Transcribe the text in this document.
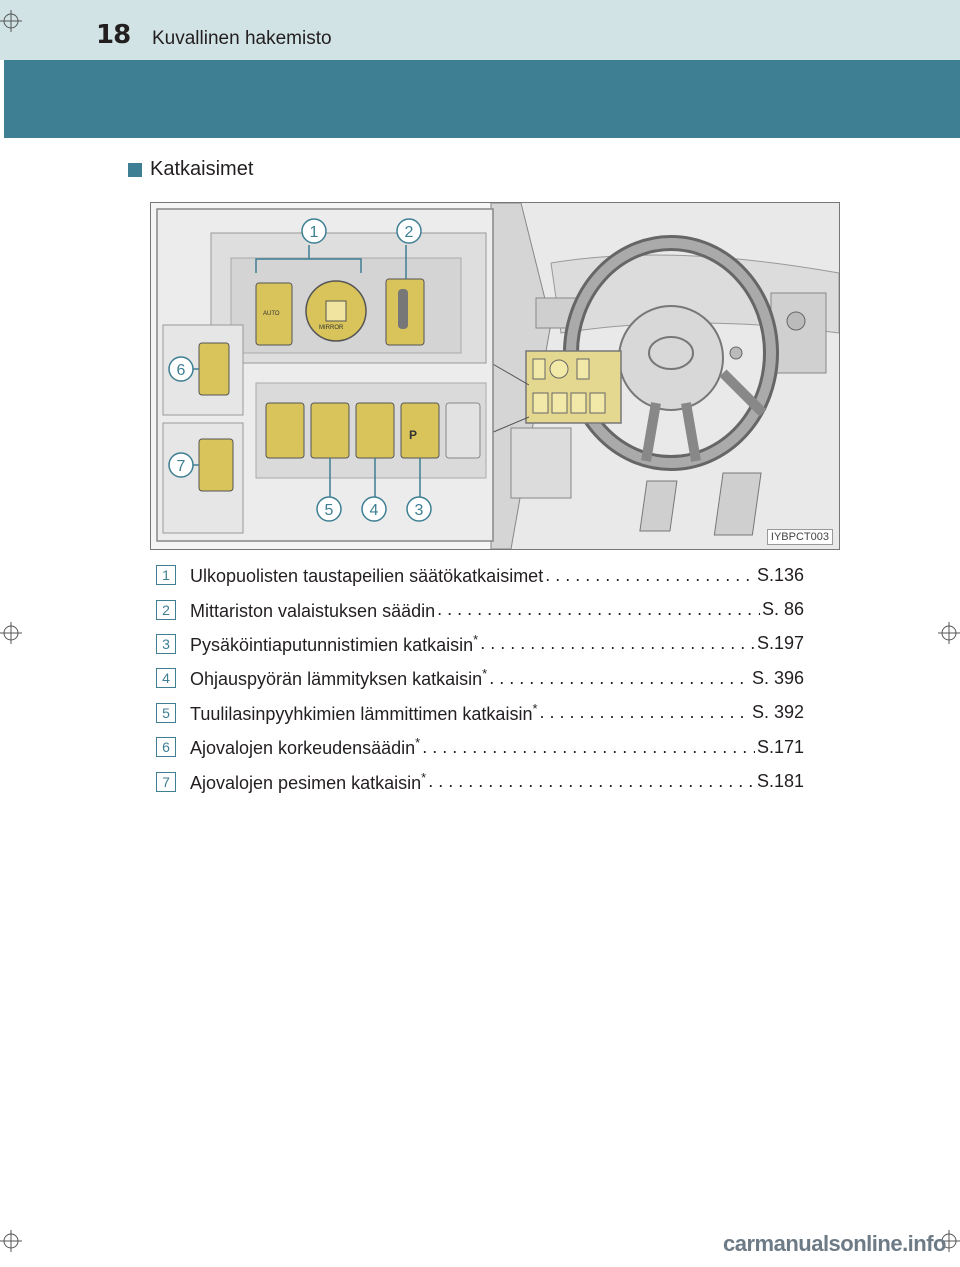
18 Kuvallinen hakemisto
Katkaisimet
AUTO
MIRROR
P
1	2
3
4
5
6
7
IYBPCT003
1	Ulkopuolisten taustapeilien säätökatkaisimet . . .	S.136
2	Mittariston valaistuksen säädin . . .	S. 86
3	Pysäköintiaputunnistimien katkaisin* . . .	S.197
4	Ohjauspyörän lämmityksen katkaisin* . . .	S. 396
5	Tuulilasinpyyhkimien lämmittimen katkaisin* . . .	S. 392
6	Ajovalojen korkeudensäädin* . . .	S.171
7	Ajovalojen pesimen katkaisin* . . .	S.181
carmanualsonline.info
